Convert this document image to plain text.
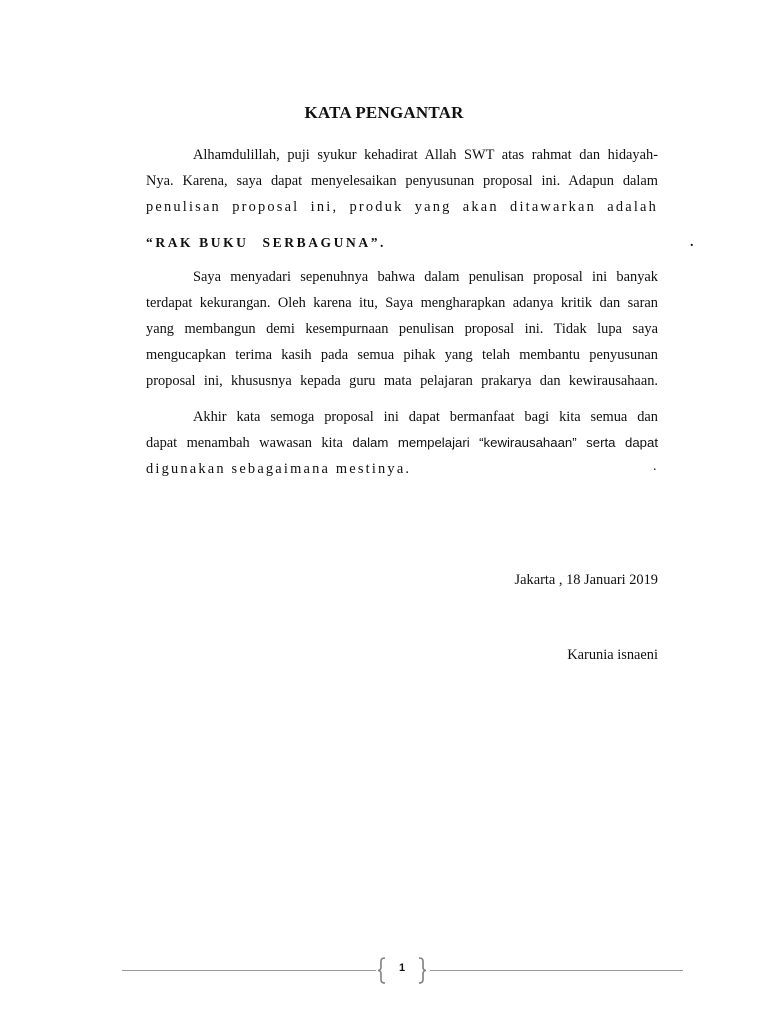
KATA PENGANTAR
Alhamdulillah, puji syukur kehadirat Allah SWT atas rahmat dan hidayah-
Nya. Karena, saya dapat menyelesaikan penyusunan proposal ini. Adapun dalam
penulisan proposal ini, produk yang akan ditawarkan adalah
“RAK BUKU SERBAGUNA”.	.
Saya menyadari sepenuhnya bahwa dalam penulisan proposal ini banyak
terdapat kekurangan. Oleh karena itu, Saya mengharapkan adanya kritik dan saran
yang membangun demi kesempurnaan penulisan proposal ini. Tidak lupa saya
mengucapkan terima kasih pada semua pihak yang telah membantu penyusunan
proposal ini, khususnya kepada guru mata pelajaran prakarya dan kewirausahaan.
Akhir kata semoga proposal ini dapat bermanfaat bagi kita semua dan
dapat menambah wawasan kita dalam mempelajari “kewirausahaan” serta dapat
digunakan sebagaimana mestinya.	.
Jakarta , 18 Januari 2019
Karunia isnaeni
1
